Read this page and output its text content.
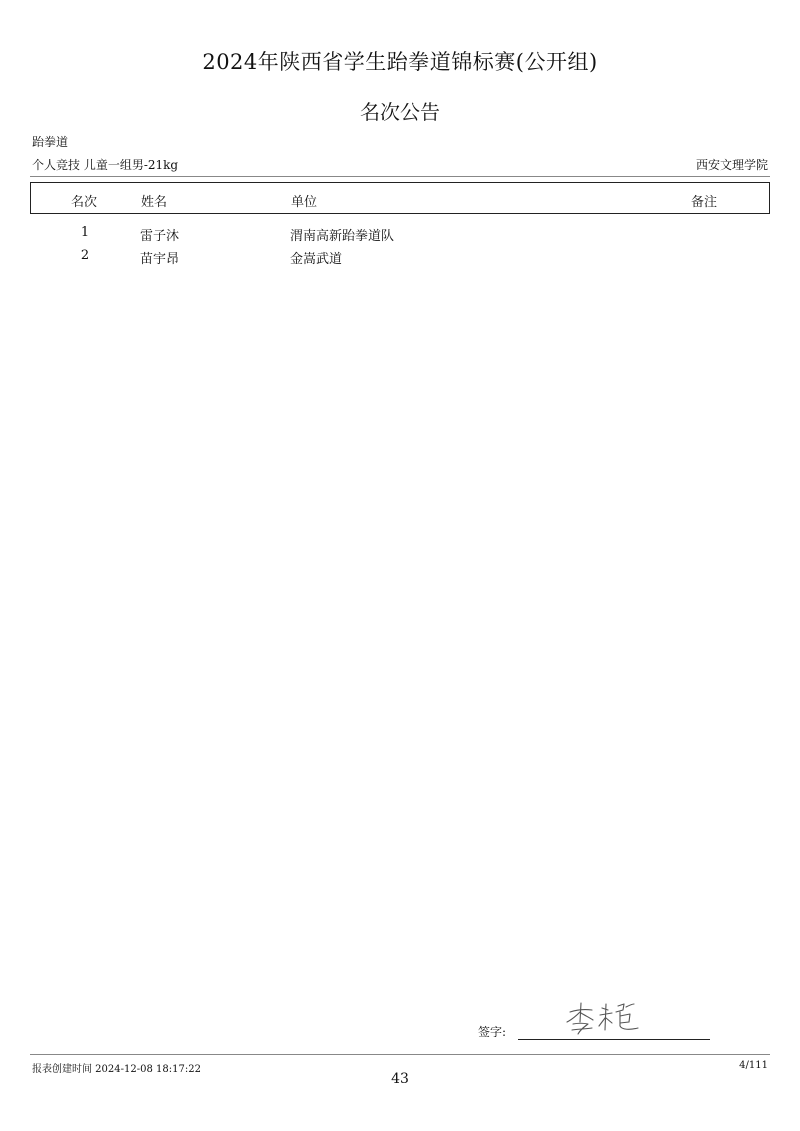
2024年陕西省学生跆拳道锦标赛(公开组)
名次公告
跆拳道
个人竞技 儿童一组男-21kg	西安文理学院
名次	姓名	单位	备注
1	雷子沐	渭南高新跆拳道队
2	苗宇昂	金嵩武道
签字:
报表创建时间 2024-12-08 18:17:22	4/111
43
